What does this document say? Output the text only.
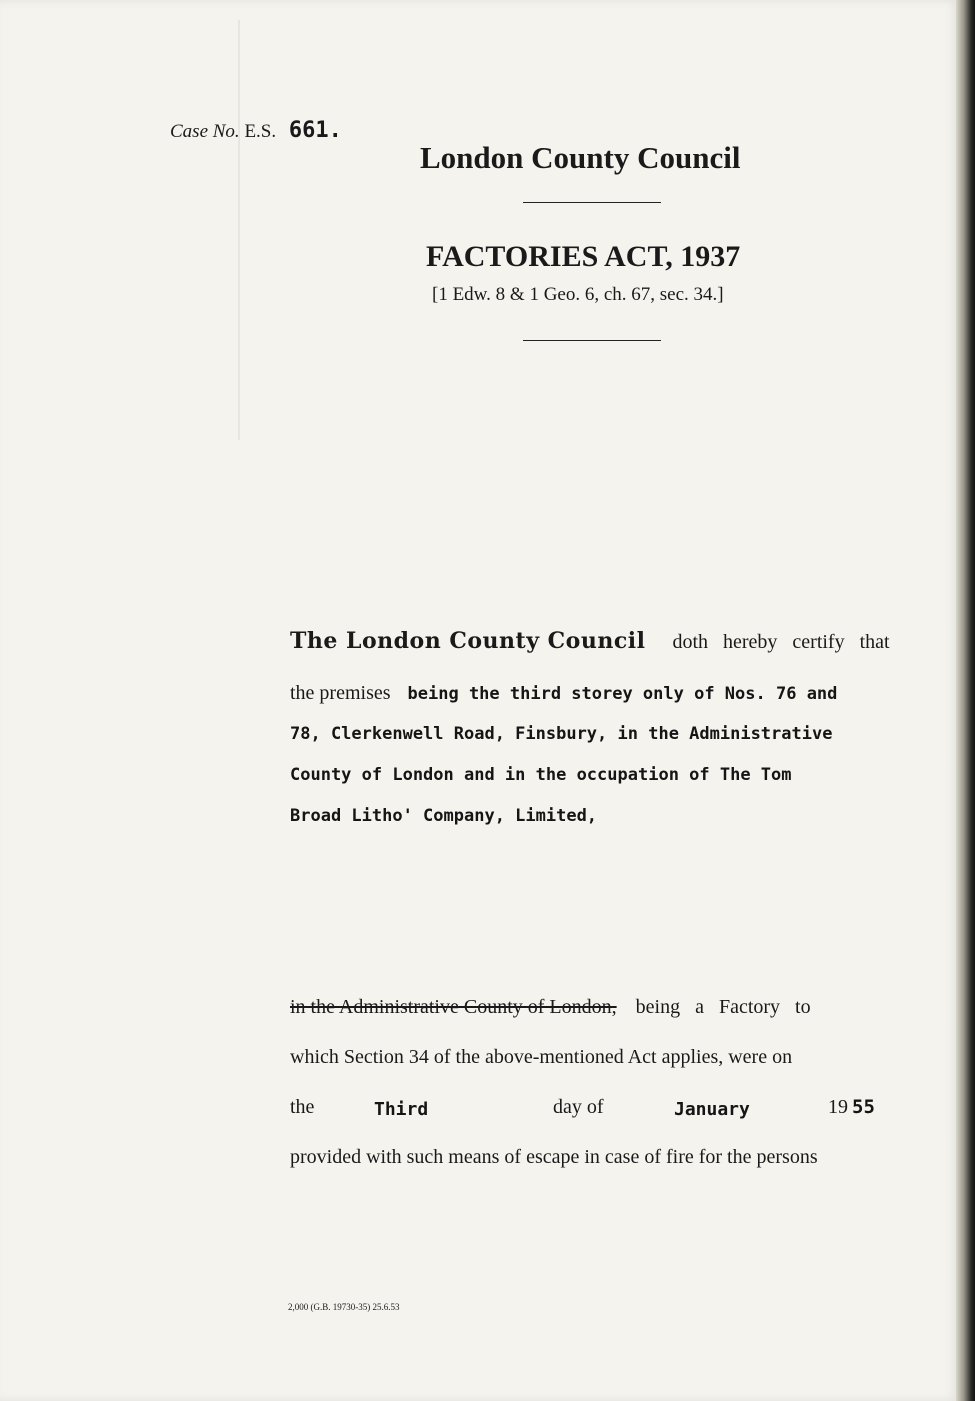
Case No. E.S. 661.
London County Council
FACTORIES ACT, 1937
[1 Edw. 8 & 1 Geo. 6, ch. 67, sec. 34.]
The London County Council doth hereby certify that
the premises being the third storey only of Nos. 76 and
78, Clerkenwell Road, Finsbury, in the Administrative
County of London and in the occupation of The Tom
Broad Litho' Company, Limited,
in the Administrative County of London, being a Factory to
which Section 34 of the above-mentioned Act applies, were on
the	Third	day of	January	19 55
provided with such means of escape in case of fire for the persons
2,000 (G.B. 19730-35) 25.6.53
